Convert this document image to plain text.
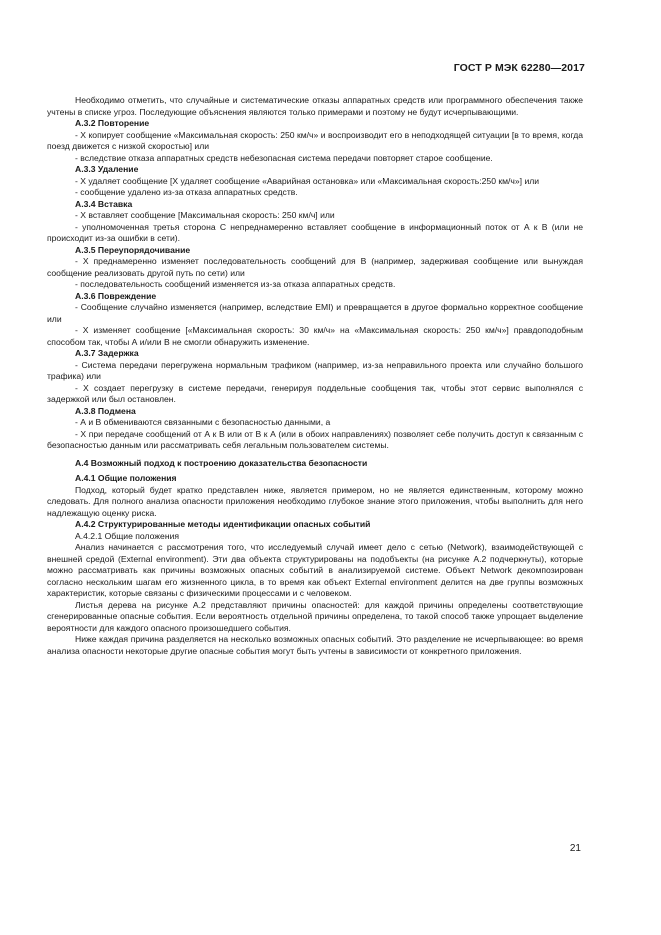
ГОСТ Р МЭК 62280—2017

Необходимо отметить, что случайные и систематические отказы аппаратных средств или программного обеспечения также учтены в списке угроз. Последующие объяснения являются только примерами и поэтому не будут исчерпывающими.

А.3.2 Повторение

- X копирует сообщение «Максимальная скорость: 250 км/ч» и воспроизводит его в неподходящей ситуации [в то время, когда поезд движется с низкой скоростью] или

- вследствие отказа аппаратных средств небезопасная система передачи повторяет старое сообщение.

А.3.3 Удаление

- X удаляет сообщение [X удаляет сообщение «Аварийная остановка» или «Максимальная скорость:250 км/ч»] или

- сообщение удалено из-за отказа аппаратных средств.

А.3.4 Вставка

- X вставляет сообщение [Максимальная скорость: 250 км/ч] или

- уполномоченная третья сторона С непреднамеренно вставляет сообщение в информационный поток от А к В (или не происходит из-за ошибки в сети).

А.3.5 Переупорядочивание

- X преднамеренно изменяет последовательность сообщений для В (например, задерживая сообщение или вынуждая сообщение реализовать другой путь по сети) или

- последовательность сообщений изменяется из-за отказа аппаратных средств.

А.3.6 Повреждение

- Сообщение случайно изменяется (например, вследствие EMI) и превращается в другое формально корректное сообщение или

- X изменяет сообщение [«Максимальная скорость: 30 км/ч» на «Максимальная скорость: 250 км/ч»] правдоподобным способом так, чтобы А и/или В не смогли обнаружить изменение.

А.3.7 Задержка

- Система передачи перегружена нормальным трафиком (например, из-за неправильного проекта или случайно большого трафика) или

- X создает перегрузку в системе передачи, генерируя поддельные сообщения так, чтобы этот сервис выполнялся с задержкой или был остановлен.

А.3.8 Подмена

- А и В обмениваются связанными с безопасностью данными, а

- X при передаче сообщений от А к В или от В к А (или в обоих направлениях) позволяет себе получить доступ к связанным с безопасностью данным или рассматривать себя легальным пользователем системы.

А.4 Возможный подход к построению доказательства безопасности

А.4.1 Общие положения

Подход, который будет кратко представлен ниже, является примером, но не является единственным, которому можно следовать. Для полного анализа опасности приложения необходимо глубокое знание этого приложения, чтобы выполнить для него надлежащую оценку риска.

А.4.2 Структурированные методы идентификации опасных событий

А.4.2.1 Общие положения

Анализ начинается с рассмотрения того, что исследуемый случай имеет дело с сетью (Network), взаимодействующей с внешней средой (External environment). Эти два объекта структурированы на подобъекты (на рисунке А.2 подчеркнуты), которые можно рассматривать как причины возможных опасных событий в анализируемой системе. Объект Network декомпозирован согласно нескольким шагам его жизненного цикла, в то время как объект External environment делится на две группы возможных характеристик, которые связаны с физическими процессами и с человеком.

Листья дерева на рисунке А.2 представляют причины опасностей: для каждой причины определены соответствующие сгенерированные опасные события. Если вероятность отдельной причины определена, то такой способ также упрощает выделение вероятности для каждого опасного произошедшего события.

Ниже каждая причина разделяется на несколько возможных опасных событий. Это разделение не исчерпывающее: во время анализа опасности некоторые другие опасные события могут быть учтены в зависимости от конкретного приложения.

21
